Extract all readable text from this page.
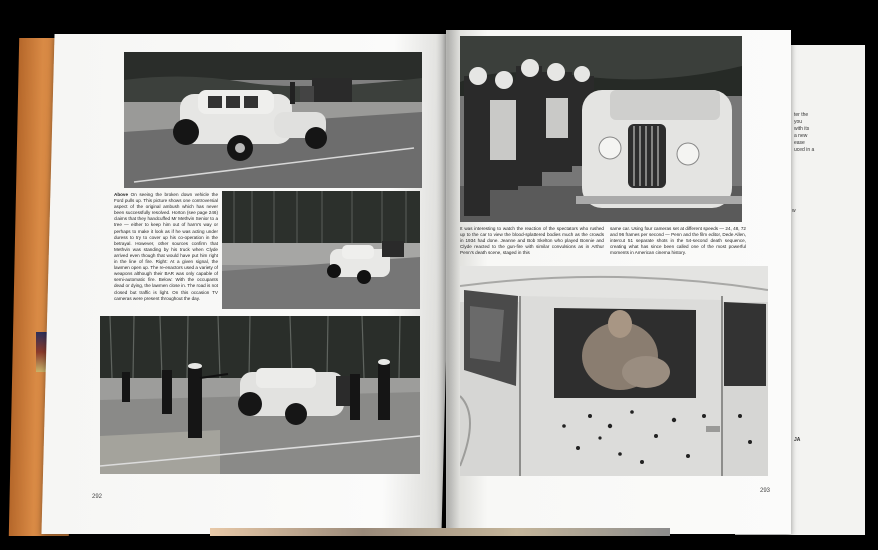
ter the
you
with its
a new
ease
uced in a
w
JA
Above On seeing the broken down vehicle the Ford pulls up. This picture shows one controversial aspect of the original ambush which has never been successfully resolved. Horton (see page 246) claims that they handcuffed Mr Methvin Senior to a tree — either to keep him out of harm's way or perhaps to make it look as if he was acting under duress to try to cover up his co-operation in the betrayal. However, other sources confirm that Methvin was standing by his truck when Clyde arrived even though that would have put him right in the line of fire. Right: At a given signal, the lawmen open up. The re-enactors used a variety of weapons although their BAR was only capable of semi-automatic fire. Below: With the occupants dead or dying, the lawmen close in. The road is not closed but traffic is light. On this occasion TV cameras were present throughout the day.
It was interesting to watch the reaction of the spectators who rushed up to the car to view the blood-splattered bodies much as the crowds in 1934 had done. Jeanne and Bob Skelton who played Bonnie and Clyde reacted to the gun-fire with similar convulsions as in Arthur Penn's death scene, staged in this
same car. Using four cameras set at different speeds — 24, 48, 72 and 96 frames per second — Penn and the film editor, Dede Allen, intercut 51 separate shots in the 54-second death sequence, creating what has since been called one of the most powerful moments in American cinema history.
292
293
